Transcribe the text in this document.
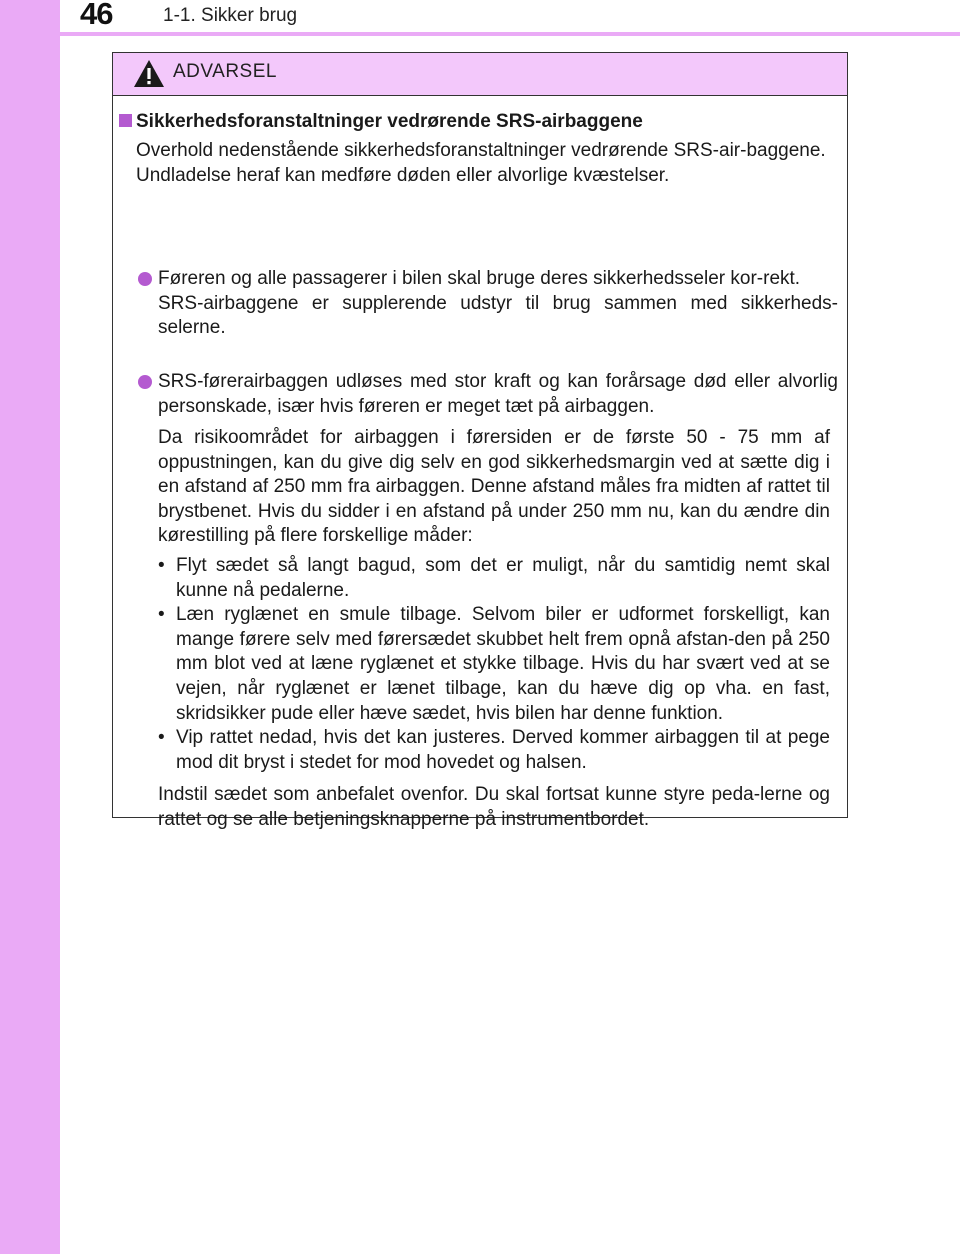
46	1-1. Sikker brug
ADVARSEL
Sikkerhedsforanstaltninger vedrørende SRS-airbaggene
Overhold nedenstående sikkerhedsforanstaltninger vedrørende SRS-air-baggene.
Undladelse heraf kan medføre døden eller alvorlige kvæstelser.
Føreren og alle passagerer i bilen skal bruge deres sikkerhedsseler kor-rekt.
SRS-airbaggene er supplerende udstyr til brug sammen med sikkerheds-selerne.
SRS-førerairbaggen udløses med stor kraft og kan forårsage død eller alvorlig personskade, især hvis føreren er meget tæt på airbaggen.
Da risikoområdet for airbaggen i førersiden er de første 50 - 75 mm af oppustningen, kan du give dig selv en god sikkerhedsmargin ved at sætte dig i en afstand af 250 mm fra airbaggen. Denne afstand måles fra midten af rattet til brystbenet. Hvis du sidder i en afstand på under 250 mm nu, kan du ændre din kørestilling på flere forskellige måder:
• Flyt sædet så langt bagud, som det er muligt, når du samtidig nemt skal kunne nå pedalerne.
• Læn ryglænet en smule tilbage. Selvom biler er udformet forskelligt, kan mange førere selv med førersædet skubbet helt frem opnå afstan-den på 250 mm blot ved at læne ryglænet et stykke tilbage. Hvis du har svært ved at se vejen, når ryglænet er lænet tilbage, kan du hæve dig op vha. en fast, skridsikker pude eller hæve sædet, hvis bilen har denne funktion.
• Vip rattet nedad, hvis det kan justeres. Derved kommer airbaggen til at pege mod dit bryst i stedet for mod hovedet og halsen.
Indstil sædet som anbefalet ovenfor. Du skal fortsat kunne styre peda-lerne og rattet og se alle betjeningsknapperne på instrumentbordet.
